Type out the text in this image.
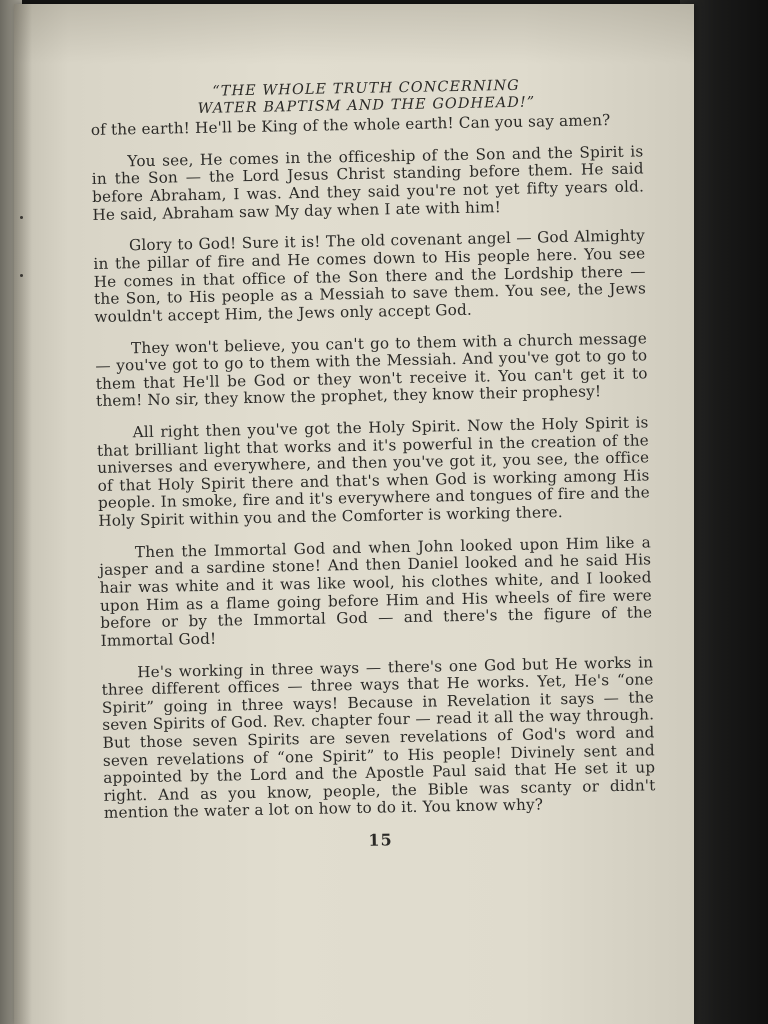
“THE WHOLE TRUTH CONCERNING
WATER BAPTISM AND THE GODHEAD!”

of the earth! He'll be King of the whole earth! Can you say amen?

You see, He comes in the officeship of the Son and the Spirit is in the Son — the Lord Jesus Christ standing before them. He said before Abraham, I was. And they said you're not yet fifty years old. He said, Abraham saw My day when I ate with him!

Glory to God! Sure it is! The old covenant angel — God Almighty in the pillar of fire and He comes down to His people here. You see He comes in that office of the Son there and the Lordship there — the Son, to His people as a Messiah to save them. You see, the Jews wouldn't accept Him, the Jews only accept God.

They won't believe, you can't go to them with a church message — you've got to go to them with the Messiah. And you've got to go to them that He'll be God or they won't receive it. You can't get it to them! No sir, they know the prophet, they know their prophesy!

All right then you've got the Holy Spirit. Now the Holy Spirit is that brilliant light that works and it's powerful in the creation of the universes and everywhere, and then you've got it, you see, the office of that Holy Spirit there and that's when God is working among His people. In smoke, fire and it's everywhere and tongues of fire and the Holy Spirit within you and the Comforter is working there.

Then the Immortal God and when John looked upon Him like a jasper and a sardine stone! And then Daniel looked and he said His hair was white and it was like wool, his clothes white, and I looked upon Him as a flame going before Him and His wheels of fire were before or by the Immortal God — and there's the figure of the Immortal God!

He's working in three ways — there's one God but He works in three different offices — three ways that He works. Yet, He's “one Spirit” going in three ways! Because in Revelation it says — the seven Spirits of God. Rev. chapter four — read it all the way through. But those seven Spirits are seven revelations of God's word and seven revelations of “one Spirit” to His people! Divinely sent and appointed by the Lord and the Apostle Paul said that He set it up right. And as you know, people, the Bible was scanty or didn't mention the water a lot on how to do it. You know why?

15
